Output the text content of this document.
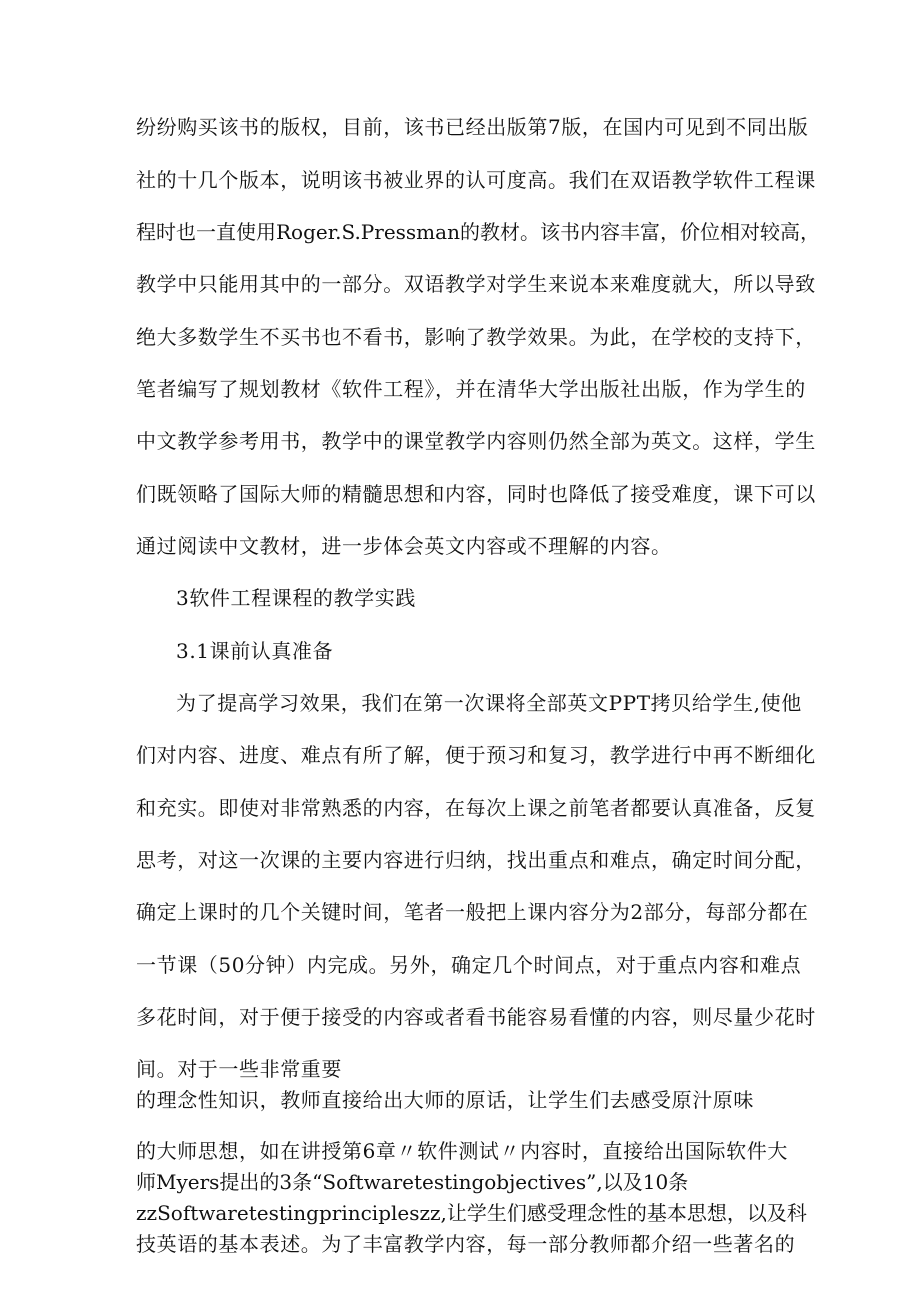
纷纷购买该书的版权，目前，该书已经出版第7版，在国内可见到不同出版
社的十几个版本，说明该书被业界的认可度高。我们在双语教学软件工程课
程时也一直使用Roger.S.Pressman的教材。该书内容丰富，价位相对较高，
教学中只能用其中的一部分。双语教学对学生来说本来难度就大，所以导致
绝大多数学生不买书也不看书，影响了教学效果。为此，在学校的支持下，
笔者编写了规划教材《软件工程》，并在清华大学出版社出版，作为学生的
中文教学参考用书，教学中的课堂教学内容则仍然全部为英文。这样，学生
们既领略了国际大师的精髓思想和内容，同时也降低了接受难度，课下可以
通过阅读中文教材，进一步体会英文内容或不理解的内容。
3软件工程课程的教学实践
3.1课前认真准备
为了提高学习效果，我们在第一次课将全部英文PPT拷贝给学生,使他
们对内容、进度、难点有所了解，便于预习和复习，教学进行中再不断细化
和充实。即使对非常熟悉的内容，在每次上课之前笔者都要认真准备，反复
思考，对这一次课的主要内容进行归纳，找出重点和难点，确定时间分配，
确定上课时的几个关键时间，笔者一般把上课内容分为2部分，每部分都在
一节课（50分钟）内完成。另外，确定几个时间点，对于重点内容和难点
多花时间，对于便于接受的内容或者看书能容易看懂的内容，则尽量少花时
间。对于一些非常重要
的理念性知识，教师直接给出大师的原话，让学生们去感受原汁原味
的大师思想，如在讲授第6章〃软件测试〃内容时，直接给出国际软件大
师Myers提出的3条“Softwaretestingobjectives”,以及10条
zzSoftwaretestingprincipleszz,让学生们感受理念性的基本思想，以及科
技英语的基本表述。为了丰富教学内容，每一部分教师都介绍一些著名的
